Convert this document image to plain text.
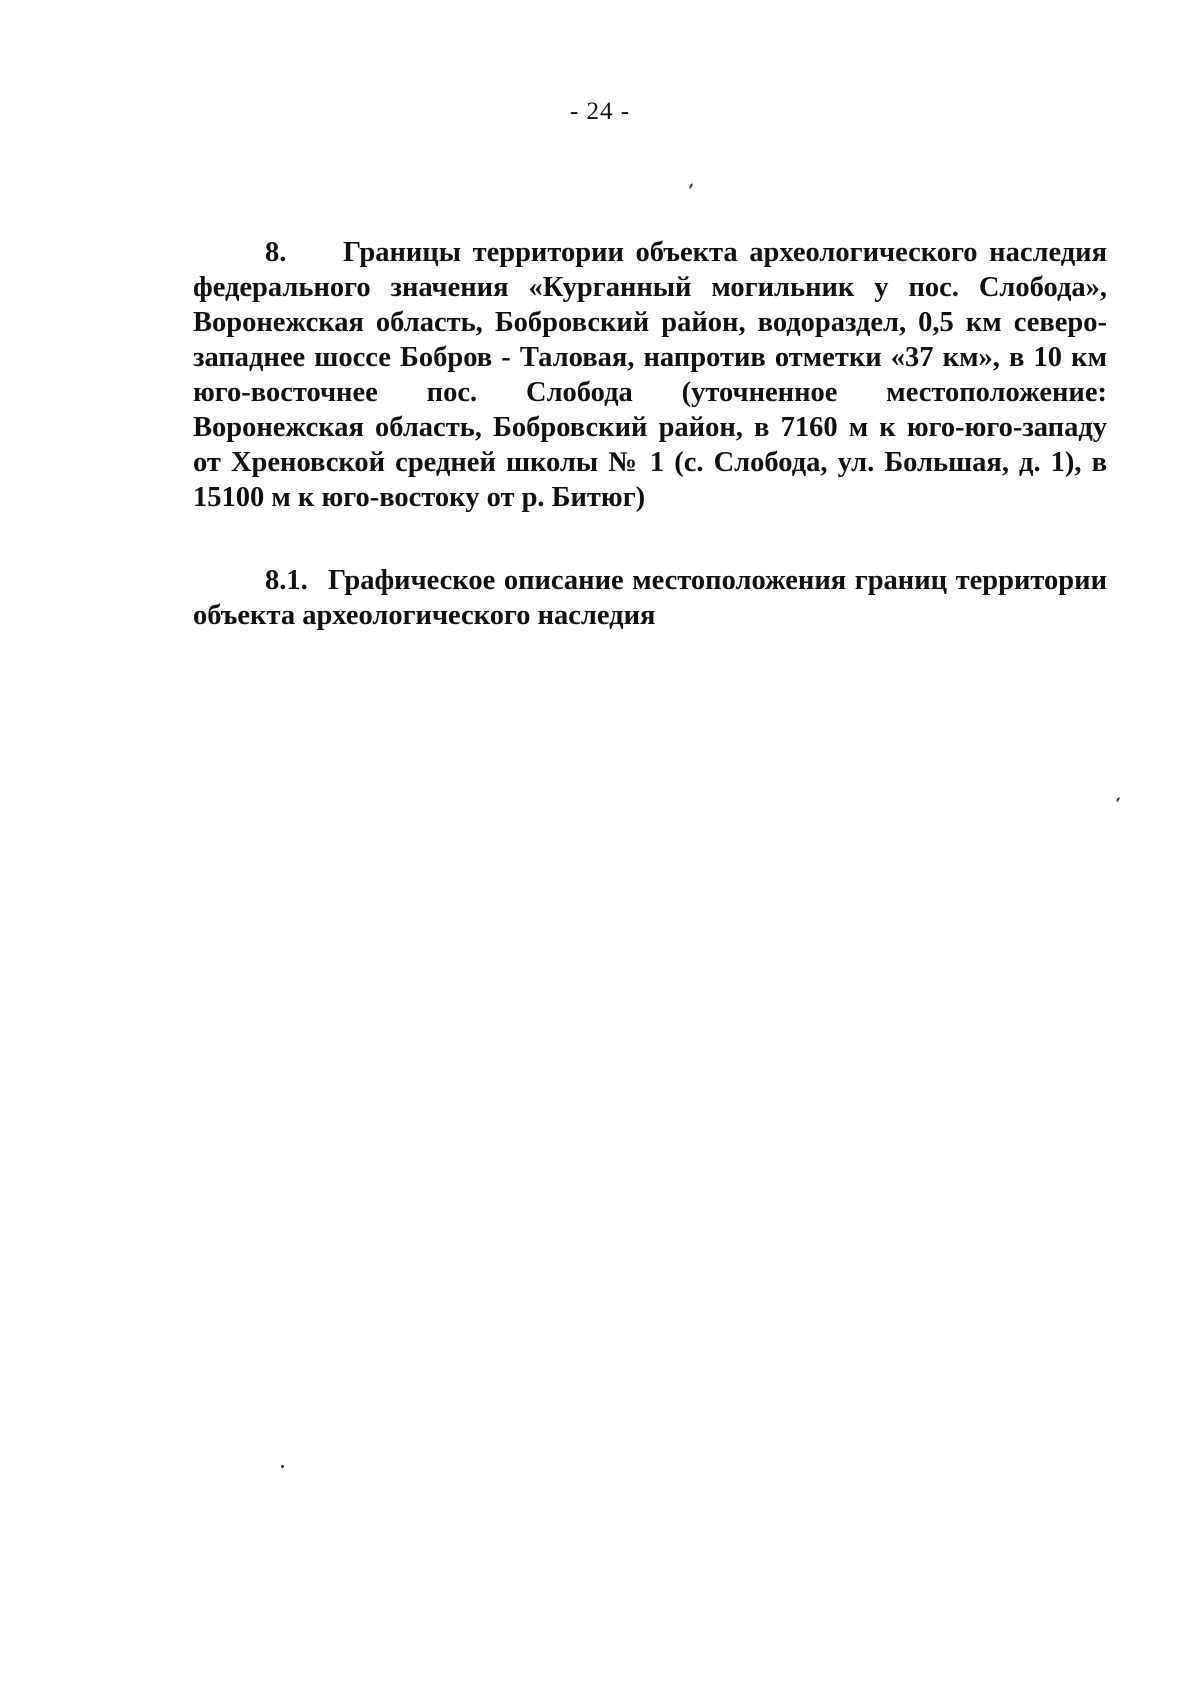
- 24 -
8. Границы территории объекта археологического наследия федерального значения «Курганный могильник у пос. Слобода», Воронежская область, Бобровский район, водораздел, 0,5 км северо-западнее шоссе Бобров - Таловая, напротив отметки «37 км», в 10 км юго-восточнее пос. Слобода (уточненное местоположение: Воронежская область, Бобровский район, в 7160 м к юго-юго-западу от Хреновской средней школы № 1 (с. Слобода, ул. Большая, д. 1), в 15100 м к юго-востоку от р. Битюг)
8.1. Графическое описание местоположения границ территории объекта археологического наследия
